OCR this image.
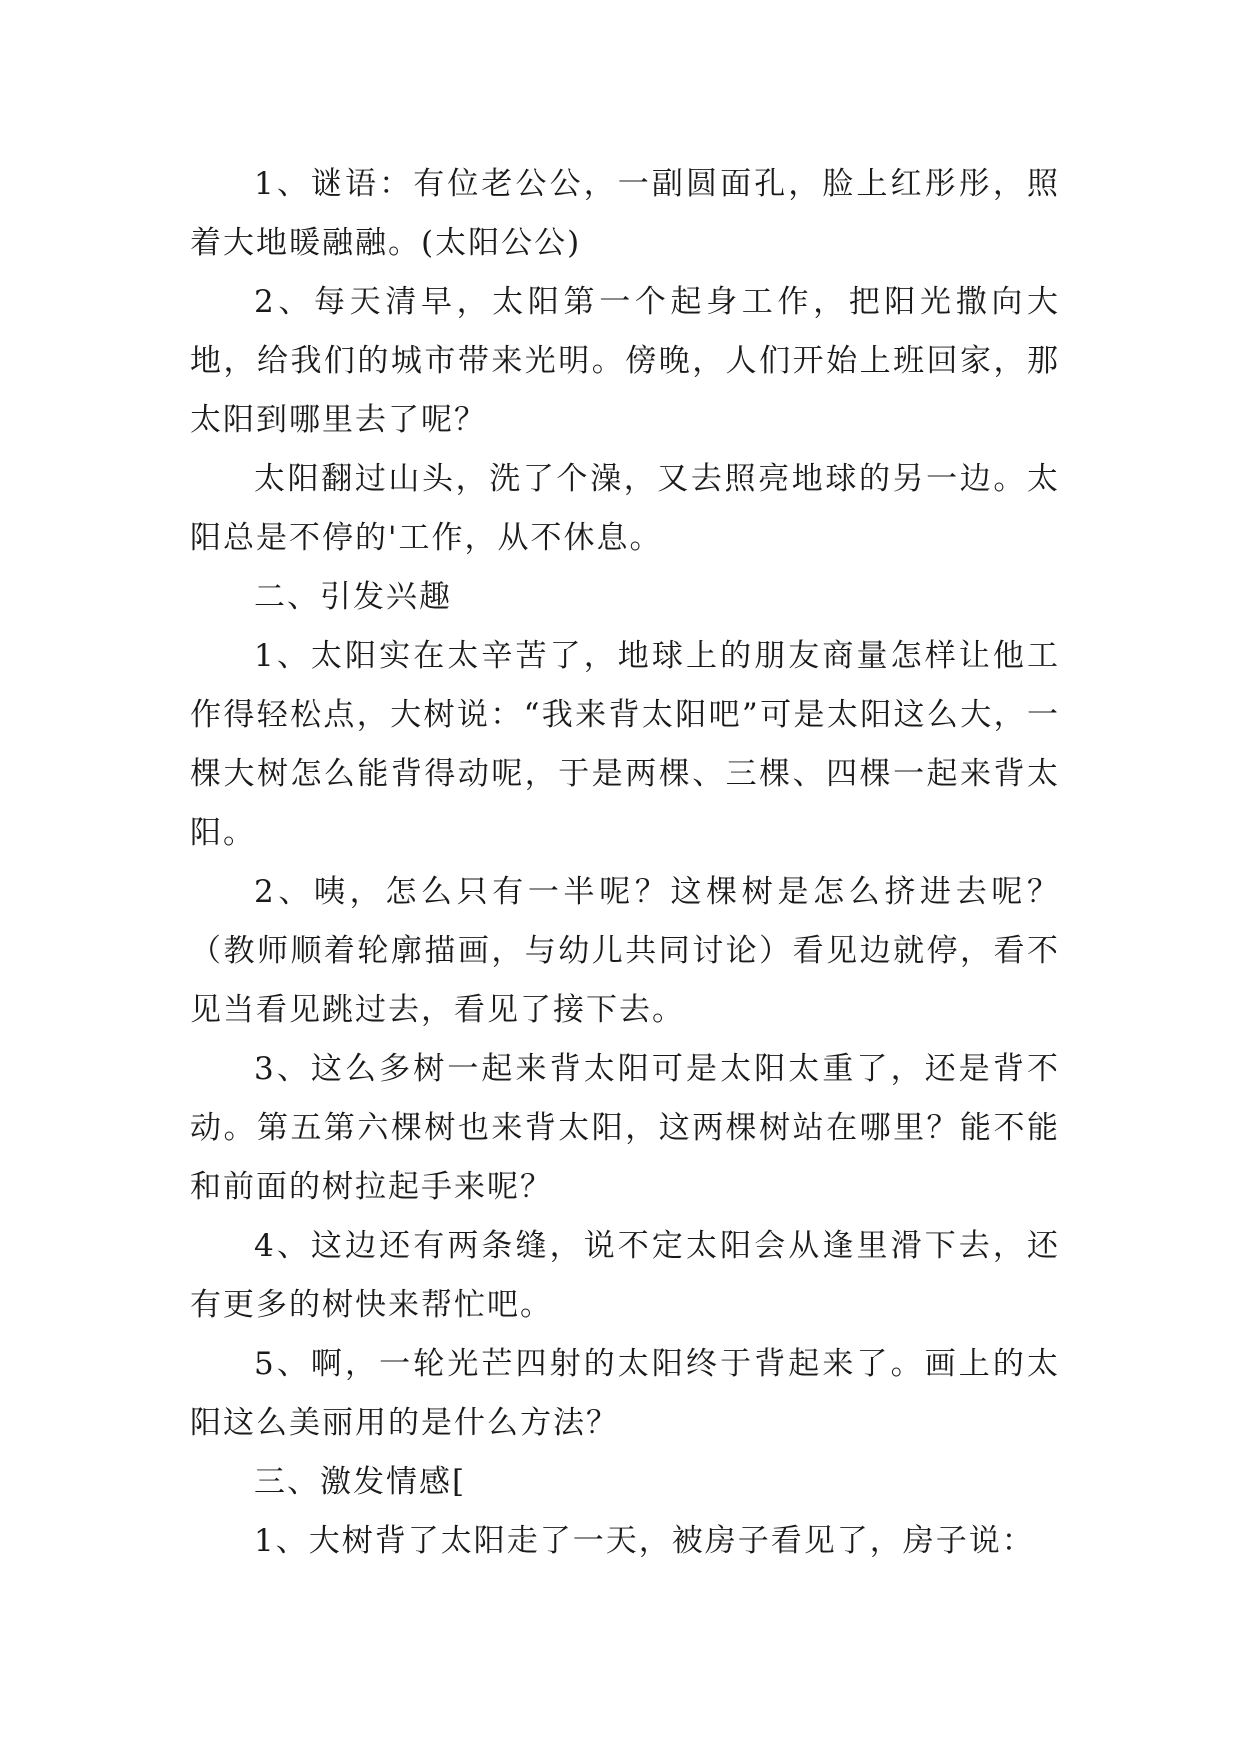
1、谜语：有位老公公，一副圆面孔，脸上红彤彤，照着大地暖融融。(太阳公公)

2、每天清早，太阳第一个起身工作，把阳光撒向大地，给我们的城市带来光明。傍晚，人们开始上班回家，那太阳到哪里去了呢？

太阳翻过山头，洗了个澡，又去照亮地球的另一边。太阳总是不停的'工作，从不休息。

二、引发兴趣

1、太阳实在太辛苦了，地球上的朋友商量怎样让他工作得轻松点，大树说：“我来背太阳吧”可是太阳这么大，一棵大树怎么能背得动呢，于是两棵、三棵、四棵一起来背太阳。

2、咦，怎么只有一半呢？这棵树是怎么挤进去呢？（教师顺着轮廓描画，与幼儿共同讨论）看见边就停，看不见当看见跳过去，看见了接下去。

3、这么多树一起来背太阳可是太阳太重了，还是背不动。第五第六棵树也来背太阳，这两棵树站在哪里？能不能和前面的树拉起手来呢？

4、这边还有两条缝，说不定太阳会从逢里滑下去，还有更多的树快来帮忙吧。

5、啊，一轮光芒四射的太阳终于背起来了。画上的太阳这么美丽用的是什么方法？

三、激发情感[

1、大树背了太阳走了一天，被房子看见了，房子说：
